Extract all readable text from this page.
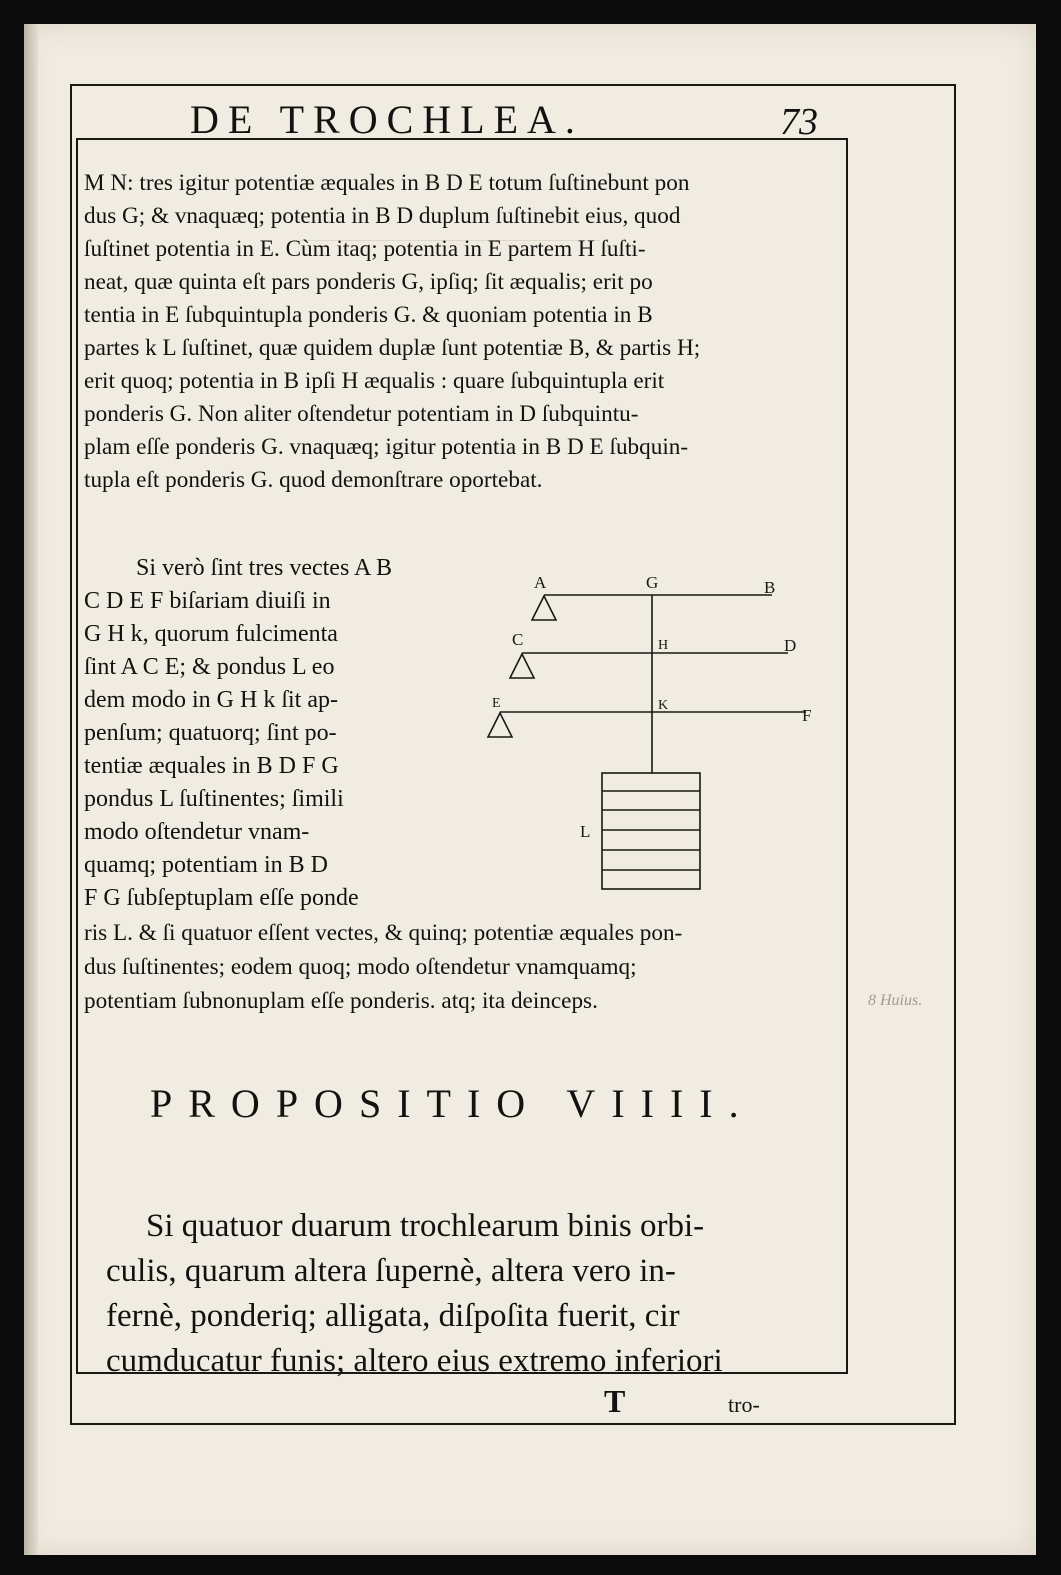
DE TROCHLEA.	73
M N: tres igitur potentiæ æquales in B D E totum ſuſtinebunt pon
dus G; & vnaquæq; potentia in B D duplum ſuſtinebit eius, quod
ſuſtinet potentia in E. Cùm itaq; potentia in E partem H ſuſti-
neat, quæ quinta eſt pars ponderis G, ipſiq; ſit æqualis; erit po
tentia in E ſubquintupla ponderis G. & quoniam potentia in B
partes k L ſuſtinet, quæ quidem duplæ ſunt potentiæ B, & partis H;
erit quoq; potentia in B ipſi H æqualis : quare ſubquintupla erit
ponderis G. Non aliter oſtendetur potentiam in D ſubquintu-
plam eſſe ponderis G. vnaquæq; igitur potentia in B D E ſubquin-
tupla eſt ponderis G. quod demonſtrare oportebat.
Si verò ſint tres vectes A B
C D E F biſariam diuiſi in
G H k, quorum fulcimenta
ſint A C E; & pondus L eo
dem modo in G H k ſit ap-
penſum; quatuorq; ſint po-
tentiæ æquales in B D F G
pondus L ſuſtinentes; ſimili
modo oſtendetur vnam-
quamq; potentiam in B D
F G ſubſeptuplam eſſe ponde
ris L. & ſi quatuor eſſent vectes, & quinq; potentiæ æquales pon-
dus ſuſtinentes; eodem quoq; modo oſtendetur vnamquamq;
potentiam ſubnonuplam eſſe ponderis. atq; ita deinceps.
A	G	B
C	H	D
E	K
F
L
PROPOSITIO VIIII.
Si quatuor duarum trochlearum binis orbi-
culis, quarum altera ſupernè, altera vero in-
fernè, ponderiq; alligata, diſpoſita fuerit, cir
cumducatur funis; altero eius extremo inferiori
T	tro-
8 Huius.
